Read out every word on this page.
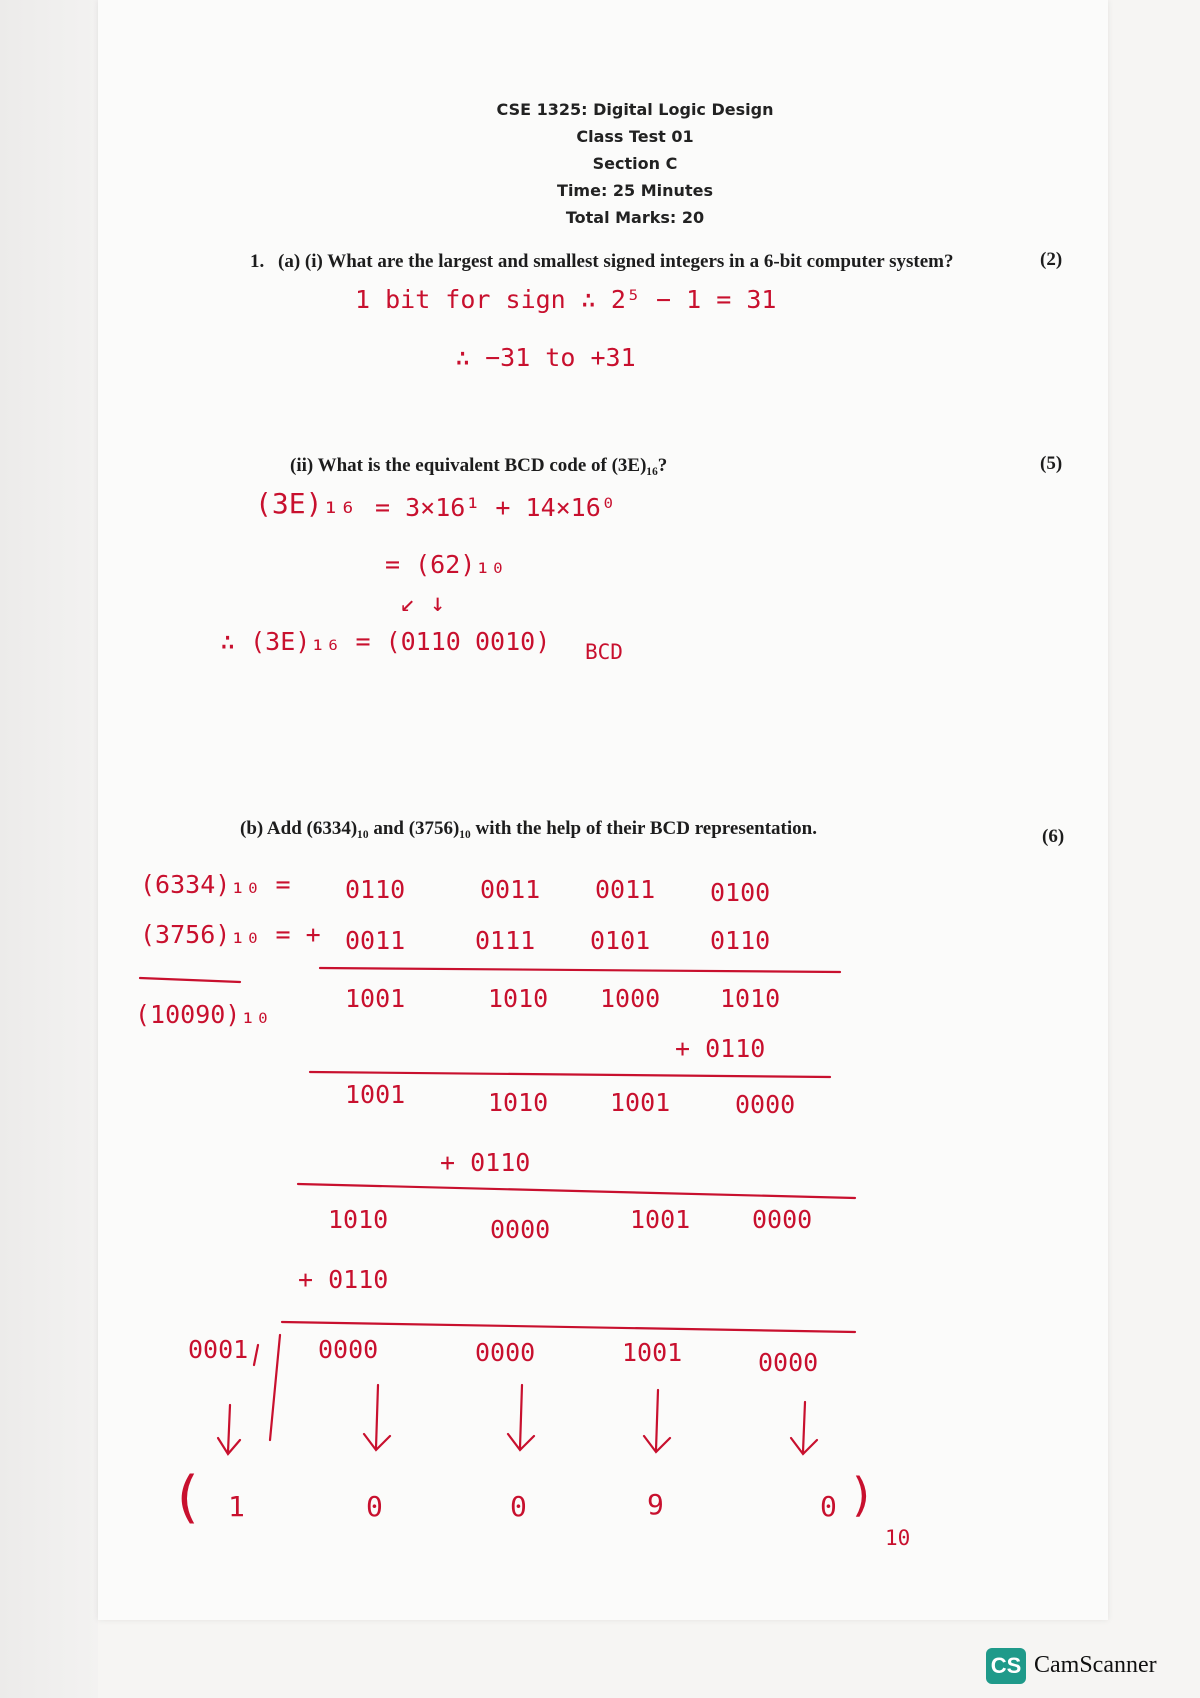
CSE 1325: Digital Logic Design
Class Test 01
Section C
Time: 25 Minutes
Total Marks: 20
1. (a) (i) What are the largest and smallest signed integers in a 6-bit computer system?	(2)
1 bit for sign ∴ 2⁵ − 1 = 31
∴ −31 to +31
(ii) What is the equivalent BCD code of (3E)₁₆?	(5)
(3E)₁₆ = 3×16¹ + 14×16⁰
= (62)₁₀
↙ ↓
∴ (3E)₁₆ = (0110 0010) BCD
(b) Add (6334)₁₀ and (3756)₁₀ with the help of their BCD representation.	(6)
(6334)₁₀ = 0110	0011 0011 0100
(3756)₁₀ = + 0011	0111 0101 0110
(10090)₁₀
1001	1010 1000 1010
+ 0110
1001	1010 1001	0000
+ 0110
1010	0000	1001 0000
+ 0110
0001	0000	0000	1001	0000
( 1	0	0	9	0 )
10
CS CamScanner
